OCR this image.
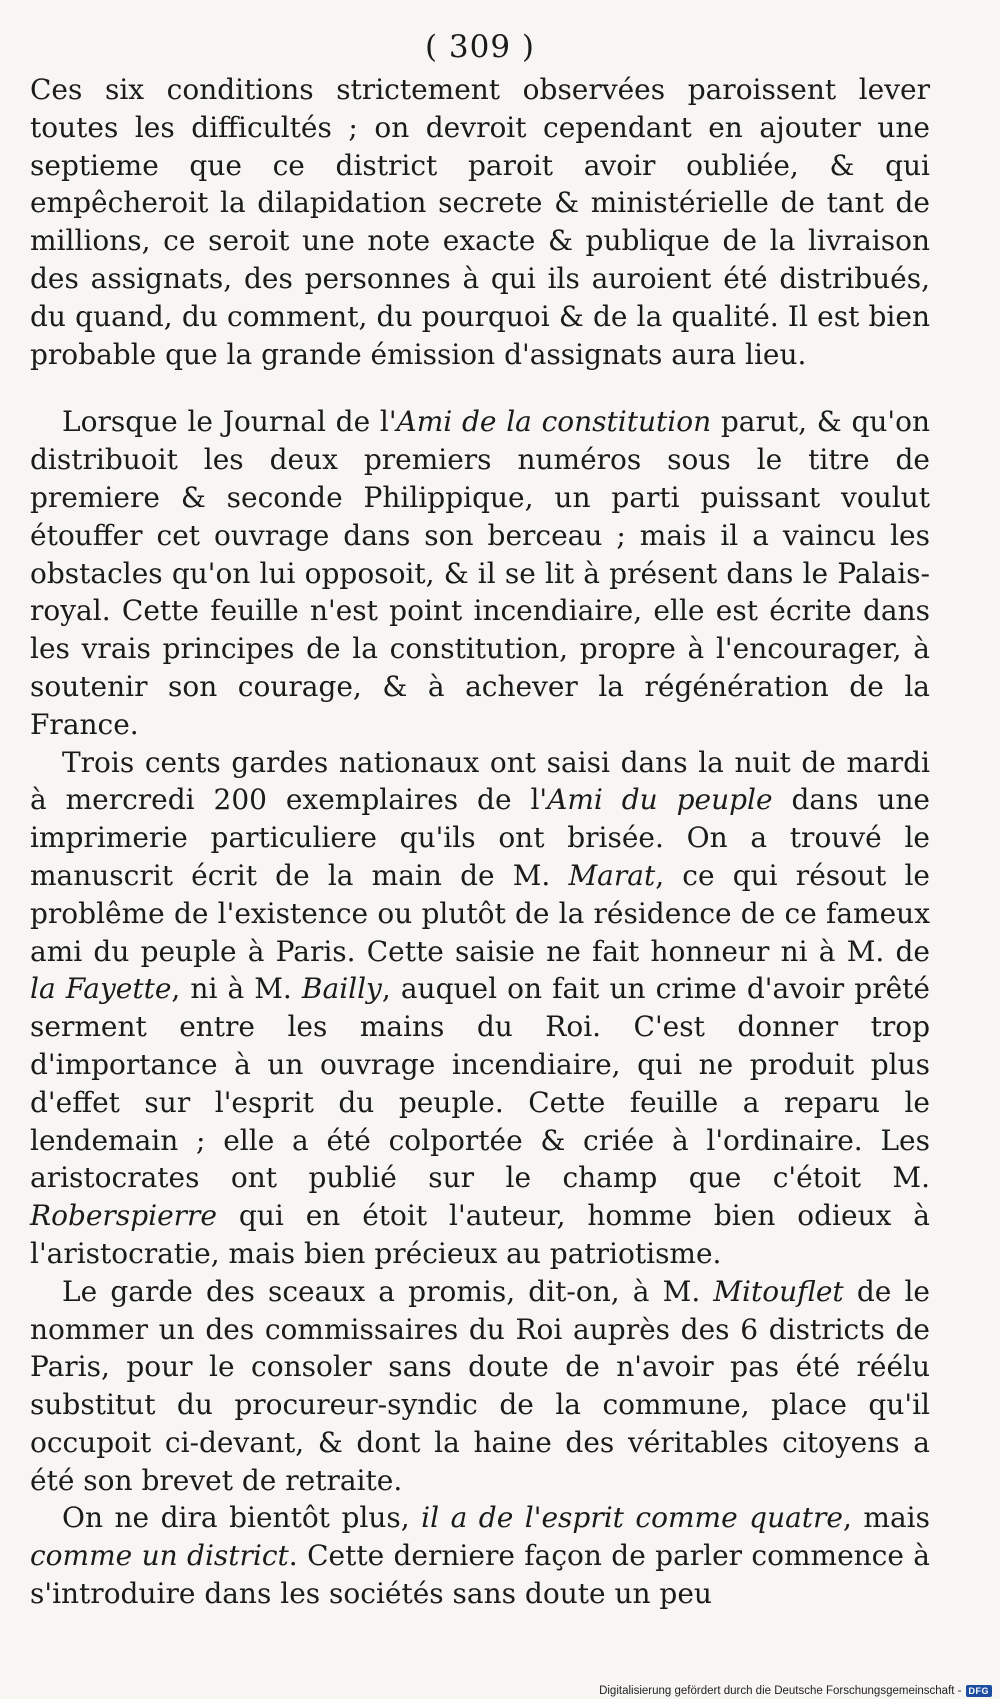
( 309 )

Ces six conditions strictement observées paroissent lever toutes les difficultés ; on devroit cependant en ajouter une septieme que ce district paroit avoir oubliée, & qui empêcheroit la dilapidation secrete & ministérielle de tant de millions, ce seroit une note exacte & publique de la livraison des assignats, des personnes à qui ils auroient été distribués, du quand, du comment, du pourquoi & de la qualité. Il est bien probable que la grande émission d'assignats aura lieu.

Lorsque le Journal de l'Ami de la constitution parut, & qu'on distribuoit les deux premiers numéros sous le titre de premiere & seconde Philippique, un parti puissant voulut étouffer cet ouvrage dans son berceau ; mais il a vaincu les obstacles qu'on lui opposoit, & il se lit à présent dans le Palais-royal. Cette feuille n'est point incendiaire, elle est écrite dans les vrais principes de la constitution, propre à l'encourager, à soutenir son courage, & à achever la régénération de la France.

Trois cents gardes nationaux ont saisi dans la nuit de mardi à mercredi 200 exemplaires de l'Ami du peuple dans une imprimerie particuliere qu'ils ont brisée. On a trouvé le manuscrit écrit de la main de M. Marat, ce qui résout le problême de l'existence ou plutôt de la résidence de ce fameux ami du peuple à Paris. Cette saisie ne fait honneur ni à M. de la Fayette, ni à M. Bailly, auquel on fait un crime d'avoir prêté serment entre les mains du Roi. C'est donner trop d'importance à un ouvrage incendiaire, qui ne produit plus d'effet sur l'esprit du peuple. Cette feuille a reparu le lendemain ; elle a été colportée & criée à l'ordinaire. Les aristocrates ont publié sur le champ que c'étoit M. Roberspierre qui en étoit l'auteur, homme bien odieux à l'aristocratie, mais bien précieux au patriotisme.

Le garde des sceaux a promis, dit-on, à M. Mitouflet de le nommer un des commissaires du Roi auprès des 6 districts de Paris, pour le consoler sans doute de n'avoir pas été réélu substitut du procureur-syndic de la commune, place qu'il occupoit ci-devant, & dont la haine des véritables citoyens a été son brevet de retraite.

On ne dira bientôt plus, il a de l'esprit comme quatre, mais comme un district. Cette derniere façon de parler commence à s'introduire dans les sociétés sans doute un peu

Digitalisierung gefördert durch die Deutsche Forschungsgemeinschaft - DFG
